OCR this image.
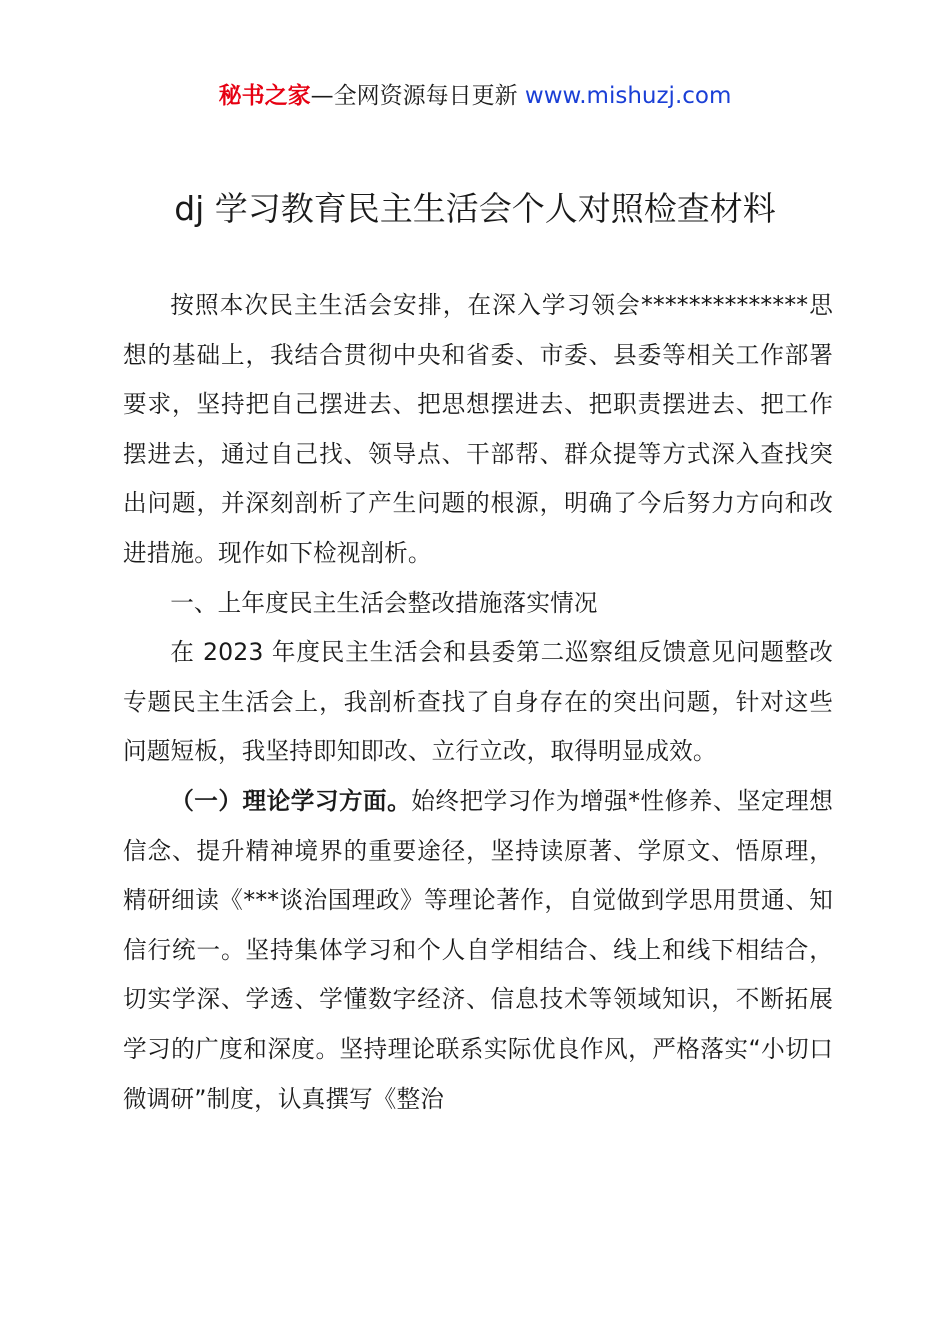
秘书之家—全网资源每日更新 www.mishuzj.com
dj 学习教育民主生活会个人对照检查材料

按照本次民主生活会安排，在深入学习领会**************思想的基础上，我结合贯彻中央和省委、市委、县委等相关工作部署要求，坚持把自己摆进去、把思想摆进去、把职责摆进去、把工作摆进去，通过自己找、领导点、干部帮、群众提等方式深入查找突出问题，并深刻剖析了产生问题的根源，明确了今后努力方向和改进措施。现作如下检视剖析。

一、上年度民主生活会整改措施落实情况

在 2023 年度民主生活会和县委第二巡察组反馈意见问题整改专题民主生活会上，我剖析查找了自身存在的突出问题，针对这些问题短板，我坚持即知即改、立行立改，取得明显成效。

（一）理论学习方面。始终把学习作为增强*性修养、坚定理想信念、提升精神境界的重要途径，坚持读原著、学原文、悟原理，精研细读《***谈治国理政》等理论著作，自觉做到学思用贯通、知信行统一。坚持集体学习和个人自学相结合、线上和线下相结合，切实学深、学透、学懂数字经济、信息技术等领域知识，不断拓展学习的广度和深度。坚持理论联系实际优良作风，严格落实“小切口微调研”制度，认真撰写《整治
